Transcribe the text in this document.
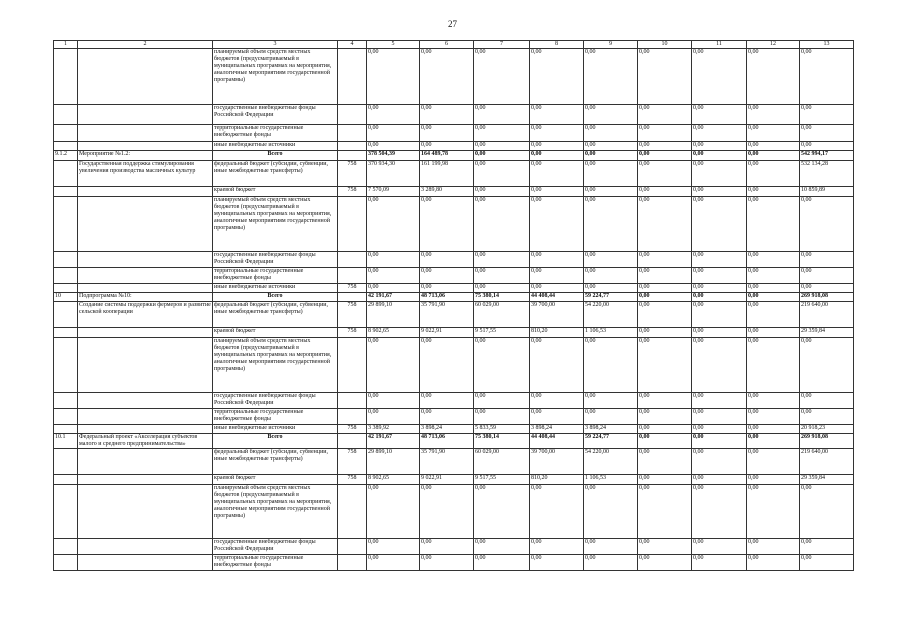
27
1	2	3	4	5	6	7	8	9	10	11	12	13
		планируемый объем средств местных бюджетов (предусматриваемый в муниципальных программах на мероприятия, аналогичные мероприятиям государственной программы)		0,00	0,00	0,00	0,00	0,00	0,00	0,00	0,00	0,00
		государственные внебюджетные фонды Российской Федерации		0,00	0,00	0,00	0,00	0,00	0,00	0,00	0,00	0,00
		территориальные государственные внебюджетные фонды		0,00	0,00	0,00	0,00	0,00	0,00	0,00	0,00	0,00
		иные внебюджетные источники		0,00	0,00	0,00	0,00	0,00	0,00	0,00	0,00	0,00
9.1.2	Мероприятие №1.2:	Всего		378 504,39	164 489,78	0,00	0,00	0,00	0,00	0,00	0,00	542 994,17
	Государственная поддержка стимулирования увеличения производства масличных культур	федеральный бюджет (субсидии, субвенции, иные межбюджетные трансферты)	758	370 934,30	161 199,98	0,00	0,00	0,00	0,00	0,00	0,00	532 134,28
		краевой бюджет	758	7 570,09	3 289,80	0,00	0,00	0,00	0,00	0,00	0,00	10 859,89
		планируемый объем средств местных бюджетов (предусматриваемый в муниципальных программах на мероприятия, аналогичные мероприятиям государственной программы)		0,00	0,00	0,00	0,00	0,00	0,00	0,00	0,00	0,00
		государственные внебюджетные фонды Российской Федерации		0,00	0,00	0,00	0,00	0,00	0,00	0,00	0,00	0,00
		территориальные государственные внебюджетные фонды		0,00	0,00	0,00	0,00	0,00	0,00	0,00	0,00	0,00
		иные внебюджетные источники	758	0,00	0,00	0,00	0,00	0,00	0,00	0,00	0,00	0,00
10	Подпрограмма №10:	Всего		42 191,67	48 713,06	75 380,14	44 408,44	59 224,77	0,00	0,00	0,00	269 918,08
	Создание системы поддержки фермеров и развитие сельской кооперации	федеральный бюджет (субсидии, субвенции, иные межбюджетные трансферты)	758	29 899,10	35 791,90	60 029,00	39 700,00	54 220,00	0,00	0,00	0,00	219 640,00
		краевой бюджет	758	8 902,65	9 022,91	9 517,55	810,20	1 106,53	0,00	0,00	0,00	29 359,84
		планируемый объем средств местных бюджетов (предусматриваемый в муниципальных программах на мероприятия, аналогичные мероприятиям государственной программы)		0,00	0,00	0,00	0,00	0,00	0,00	0,00	0,00	0,00
		государственные внебюджетные фонды Российской Федерации		0,00	0,00	0,00	0,00	0,00	0,00	0,00	0,00	0,00
		территориальные государственные внебюджетные фонды		0,00	0,00	0,00	0,00	0,00	0,00	0,00	0,00	0,00
		иные внебюджетные источники	758	3 389,92	3 898,24	5 833,59	3 898,24	3 898,24	0,00	0,00	0,00	20 918,23
10.1	Федеральный проект «Акселерация субъектов малого и среднего предпринимательства»	Всего		42 191,67	48 713,06	75 380,14	44 408,44	59 224,77	0,00	0,00	0,00	269 918,08
		федеральный бюджет (субсидии, субвенции, иные межбюджетные трансферты)	758	29 899,10	35 791,90	60 029,00	39 700,00	54 220,00	0,00	0,00	0,00	219 640,00
		краевой бюджет	758	8 902,65	9 022,91	9 517,55	810,20	1 106,53	0,00	0,00	0,00	29 359,84
		планируемый объем средств местных бюджетов (предусматриваемый в муниципальных программах на мероприятия, аналогичные мероприятиям государственной программы)		0,00	0,00	0,00	0,00	0,00	0,00	0,00	0,00	0,00
		государственные внебюджетные фонды Российской Федерации		0,00	0,00	0,00	0,00	0,00	0,00	0,00	0,00	0,00
		территориальные государственные внебюджетные фонды		0,00	0,00	0,00	0,00	0,00	0,00	0,00	0,00	0,00
